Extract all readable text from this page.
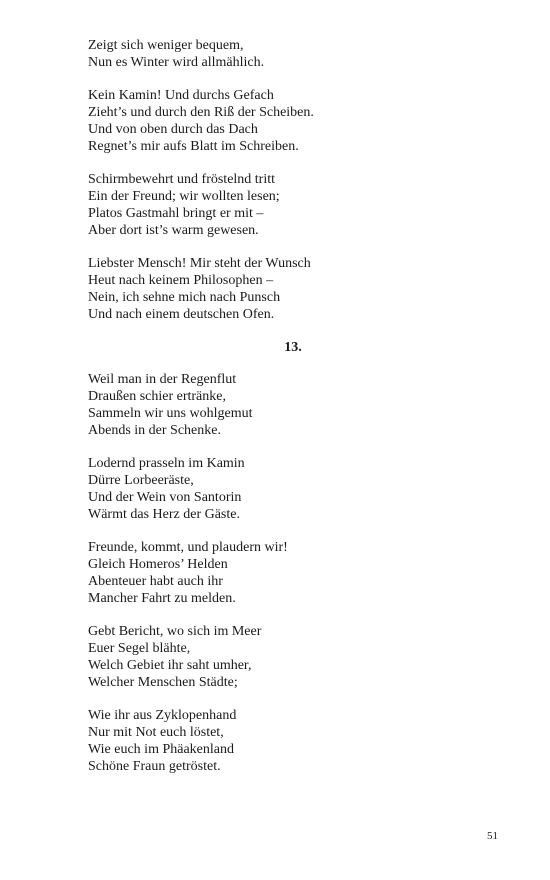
Zeigt sich weniger bequem,
Nun es Winter wird allmählich.
Kein Kamin! Und durchs Gefach
Zieht’s und durch den Riß der Scheiben.
Und von oben durch das Dach
Regnet’s mir aufs Blatt im Schreiben.
Schirmbewehrt und fröstelnd tritt
Ein der Freund; wir wollten lesen;
Platos Gastmahl bringt er mit –
Aber dort ist’s warm gewesen.
Liebster Mensch! Mir steht der Wunsch
Heut nach keinem Philosophen –
Nein, ich sehne mich nach Punsch
Und nach einem deutschen Ofen.
13.
Weil man in der Regenflut
Draußen schier ertränke,
Sammeln wir uns wohlgemut
Abends in der Schenke.
Lodernd prasseln im Kamin
Dürre Lorbeeräste,
Und der Wein von Santorin
Wärmt das Herz der Gäste.
Freunde, kommt, und plaudern wir!
Gleich Homeros’ Helden
Abenteuer habt auch ihr
Mancher Fahrt zu melden.
Gebt Bericht, wo sich im Meer
Euer Segel blähte,
Welch Gebiet ihr saht umher,
Welcher Menschen Städte;
Wie ihr aus Zyklopenhand
Nur mit Not euch löstet,
Wie euch im Phäakenland
Schöne Fraun getröstet.
51
